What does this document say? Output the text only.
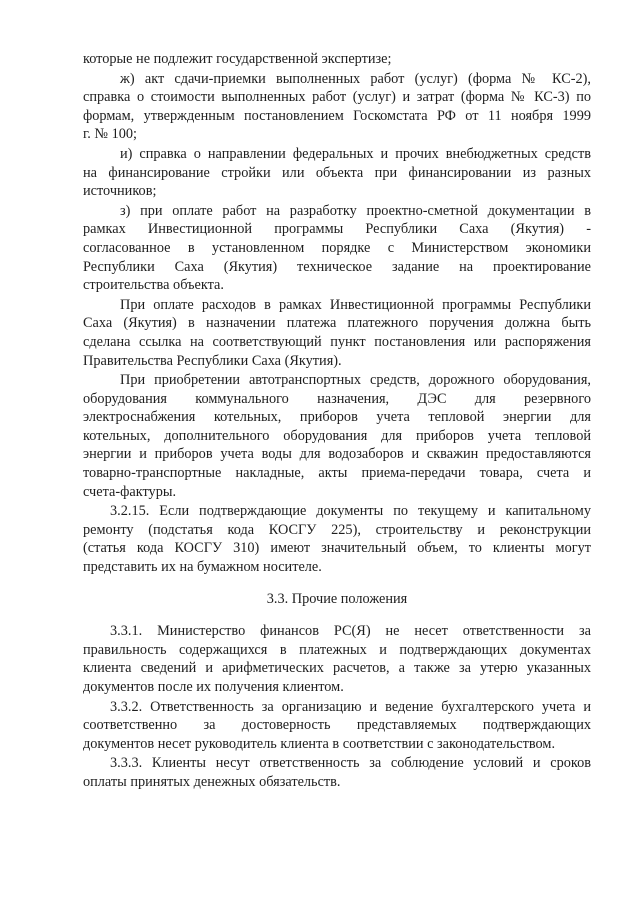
которые не подлежит государственной экспертизе;
ж) акт сдачи-приемки выполненных работ (услуг) (форма № КС-2),
справка о стоимости выполненных работ (услуг) и затрат (форма № КС-3) по
формам, утвержденным постановлением Госкомстата РФ от 11 ноября 1999
г. № 100;
и) справка о направлении федеральных и прочих внебюджетных средств
на финансирование стройки или объекта при финансировании из разных
источников;
з) при оплате работ на разработку проектно-сметной документации в
рамках Инвестиционной программы Республики Саха (Якутия) -
согласованное в установленном порядке с Министерством экономики
Республики Саха (Якутия) техническое задание на проектирование
строительства объекта.
При оплате расходов в рамках Инвестиционной программы Республики
Саха (Якутия) в назначении платежа платежного поручения должна быть
сделана ссылка на соответствующий пункт постановления или распоряжения
Правительства Республики Саха (Якутия).
При приобретении автотранспортных средств, дорожного оборудования,
оборудования коммунального назначения, ДЭС для резервного
электроснабжения котельных, приборов учета тепловой энергии для
котельных, дополнительного оборудования для приборов учета тепловой
энергии и приборов учета воды для водозаборов и скважин предоставляются
товарно-транспортные накладные, акты приема-передачи товара, счета и
счета-фактуры.
3.2.15. Если подтверждающие документы по текущему и капитальному
ремонту (подстатья кода КОСГУ 225), строительству и реконструкции
(статья кода КОСГУ 310) имеют значительный объем, то клиенты могут
представить их на бумажном носителе.
3.3. Прочие положения
3.3.1. Министерство финансов РС(Я) не несет ответственности за
правильность содержащихся в платежных и подтверждающих документах
клиента сведений и арифметических расчетов, а также за утерю указанных
документов после их получения клиентом.
3.3.2. Ответственность за организацию и ведение бухгалтерского учета и
соответственно за достоверность представляемых подтверждающих
документов несет руководитель клиента в соответствии с законодательством.
3.3.3. Клиенты несут ответственность за соблюдение условий и сроков
оплаты принятых денежных обязательств.
